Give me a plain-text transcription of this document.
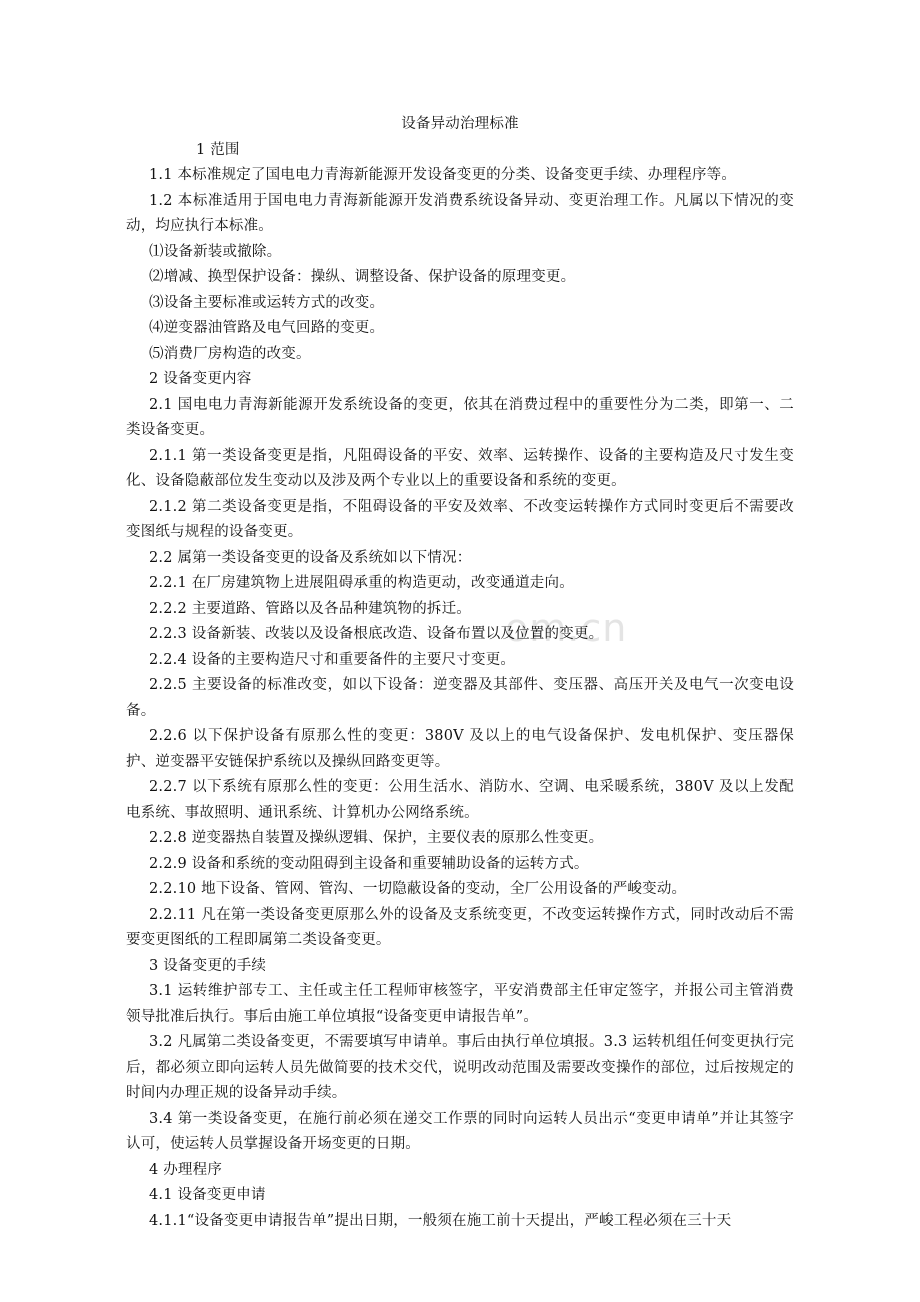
om.cn
设备异动治理标准

1 范围

1.1 本标准规定了国电电力青海新能源开发设备变更的分类、设备变更手续、办理程序等。

1.2 本标准适用于国电电力青海新能源开发消费系统设备异动、变更治理工作。凡属以下情况的变动，均应执行本标准。

⑴设备新装或撤除。

⑵增减、换型保护设备：操纵、调整设备、保护设备的原理变更。

⑶设备主要标准或运转方式的改变。

⑷逆变器油管路及电气回路的变更。

⑸消费厂房构造的改变。

2 设备变更内容

2.1 国电电力青海新能源开发系统设备的变更，依其在消费过程中的重要性分为二类，即第一、二类设备变更。

2.1.1 第一类设备变更是指，凡阻碍设备的平安、效率、运转操作、设备的主要构造及尺寸发生变化、设备隐蔽部位发生变动以及涉及两个专业以上的重要设备和系统的变更。

2.1.2 第二类设备变更是指，不阻碍设备的平安及效率、不改变运转操作方式同时变更后不需要改变图纸与规程的设备变更。

2.2 属第一类设备变更的设备及系统如以下情况：

2.2.1 在厂房建筑物上进展阻碍承重的构造更动，改变通道走向。

2.2.2 主要道路、管路以及各品种建筑物的拆迁。

2.2.3 设备新装、改装以及设备根底改造、设备布置以及位置的变更。

2.2.4 设备的主要构造尺寸和重要备件的主要尺寸变更。

2.2.5 主要设备的标准改变，如以下设备：逆变器及其部件、变压器、高压开关及电气一次变电设备。

2.2.6 以下保护设备有原那么性的变更：380V 及以上的电气设备保护、发电机保护、变压器保护、逆变器平安链保护系统以及操纵回路变更等。

2.2.7 以下系统有原那么性的变更：公用生活水、消防水、空调、电采暖系统，380V 及以上发配电系统、事故照明、通讯系统、计算机办公网络系统。

2.2.8 逆变器热自装置及操纵逻辑、保护，主要仪表的原那么性变更。

2.2.9 设备和系统的变动阻碍到主设备和重要辅助设备的运转方式。

2.2.10 地下设备、管网、管沟、一切隐蔽设备的变动，全厂公用设备的严峻变动。

2.2.11 凡在第一类设备变更原那么外的设备及支系统变更，不改变运转操作方式，同时改动后不需要变更图纸的工程即属第二类设备变更。

3 设备变更的手续

3.1 运转维护部专工、主任或主任工程师审核签字，平安消费部主任审定签字，并报公司主管消费领导批准后执行。事后由施工单位填报“设备变更申请报告单”。

3.2 凡属第二类设备变更，不需要填写申请单。事后由执行单位填报。3.3 运转机组任何变更执行完后，都必须立即向运转人员先做简要的技术交代，说明改动范围及需要改变操作的部位，过后按规定的时间内办理正规的设备异动手续。

3.4 第一类设备变更，在施行前必须在递交工作票的同时向运转人员出示“变更申请单”并让其签字认可，使运转人员掌握设备开场变更的日期。

4 办理程序

4.1 设备变更申请

4.1.1“设备变更申请报告单”提出日期，一般须在施工前十天提出，严峻工程必须在三十天
